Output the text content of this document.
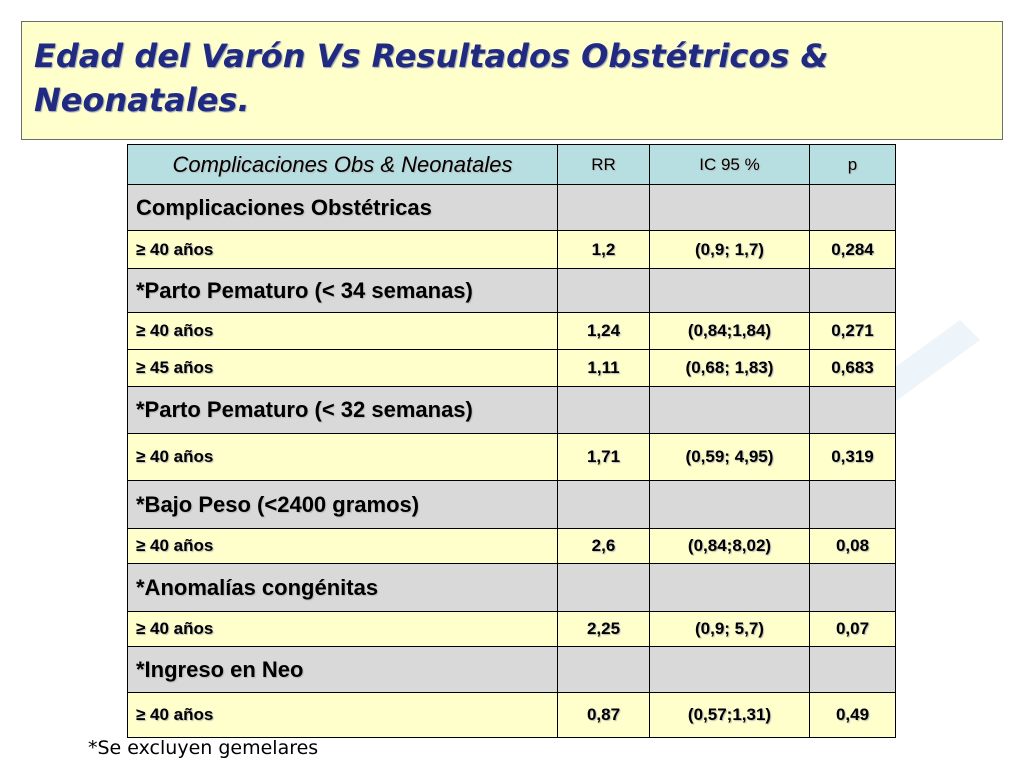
Edad del Varón Vs Resultados Obstétricos & Neonatales.
Complicaciones Obs & Neonatales	RR	IC 95 %	p
Complicaciones Obstétricas			
≥ 40 años	1,2	(0,9; 1,7)	0,284
*Parto Pematuro (< 34 semanas)			
≥ 40 años	1,24	(0,84;1,84)	0,271
≥ 45 años	1,11	(0,68; 1,83)	0,683
*Parto Pematuro (< 32 semanas)			
≥ 40 años	1,71	(0,59; 4,95)	0,319
*Bajo Peso (<2400 gramos)			
≥ 40 años	2,6	(0,84;8,02)	0,08
*Anomalías congénitas			
≥ 40 años	2,25	(0,9; 5,7)	0,07
*Ingreso en Neo			
≥ 40 años	0,87	(0,57;1,31)	0,49
*Se excluyen gemelares
